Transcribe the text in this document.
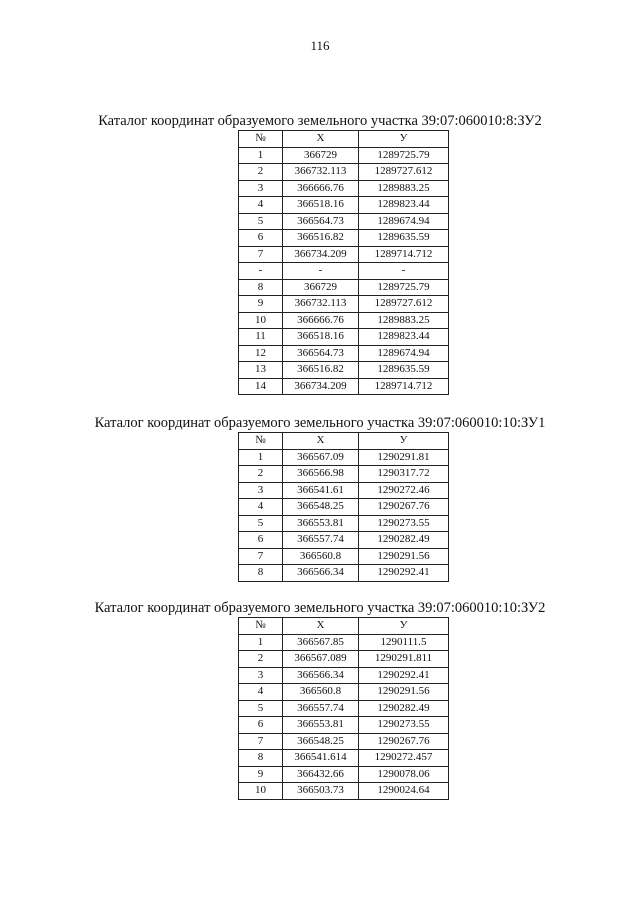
116
Каталог координат образуемого земельного участка 39:07:060010:8:ЗУ2
№	X	У
1	366729	1289725.79
2	366732.113	1289727.612
3	366666.76	1289883.25
4	366518.16	1289823.44
5	366564.73	1289674.94
6	366516.82	1289635.59
7	366734.209	1289714.712
-	-	-
8	366729	1289725.79
9	366732.113	1289727.612
10	366666.76	1289883.25
11	366518.16	1289823.44
12	366564.73	1289674.94
13	366516.82	1289635.59
14	366734.209	1289714.712
Каталог координат образуемого земельного участка 39:07:060010:10:ЗУ1
№	X	У
1	366567.09	1290291.81
2	366566.98	1290317.72
3	366541.61	1290272.46
4	366548.25	1290267.76
5	366553.81	1290273.55
6	366557.74	1290282.49
7	366560.8	1290291.56
8	366566.34	1290292.41
Каталог координат образуемого земельного участка 39:07:060010:10:ЗУ2
№	X	У
1	366567.85	1290111.5
2	366567.089	1290291.811
3	366566.34	1290292.41
4	366560.8	1290291.56
5	366557.74	1290282.49
6	366553.81	1290273.55
7	366548.25	1290267.76
8	366541.614	1290272.457
9	366432.66	1290078.06
10	366503.73	1290024.64
